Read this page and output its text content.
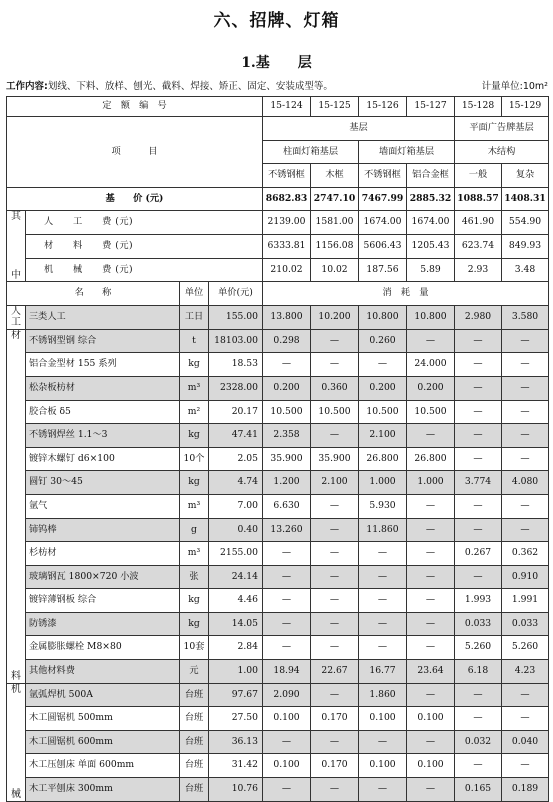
六、招牌、灯箱
1.基　　层
工作内容:划线、下料、放样、刨光、截料、焊接、矫正、固定、安装成型等。	计量单位:10m²
定　额　编　号				15-124	15-125	15-126	15-127	15-128	15-129
项　　　目				基层				平面广告牌基层	
				柱面灯箱基层		墙面灯箱基层		木结构	
				不锈钢框	木框	不锈钢框	铝合金框	一般	复杂
基　　价 (元)				8682.83	2747.10	7467.99	2885.32	1088.57	1408.31

其
中	人　　工　　费 (元)			2139.00	1581.00	1674.00	1674.00	461.90	554.90
	材　　料　　费 (元)			6333.81	1156.08	5606.43	1205.43	623.74	849.93
	机　　械　　费 (元)			210.02	10.02	187.56	5.89	2.93	3.48
名　　称		单位	单价(元)	消　耗　量					
人工	三类人工	工日	155.00	13.800	10.200	10.800	10.800	2.980	3.580

材
料	不锈钢型钢 综合	t	18103.00	0.298	—	0.260	—	—	—
	铝合金型材 155 系列	kg	18.53	—	—	—	24.000	—	—
	松杂板枋材	m³	2328.00	0.200	0.360	0.200	0.200	—	—
	胶合板 δ5	m²	20.17	10.500	10.500	10.500	10.500	—	—
	不锈钢焊丝 1.1～3	kg	47.41	2.358	—	2.100	—	—	—
	镀锌木螺钉 d6×100	10个	2.05	35.900	35.900	26.800	26.800	—	—
	圆钉 30～45	kg	4.74	1.200	2.100	1.000	1.000	3.774	4.080
	氩气	m³	7.00	6.630	—	5.930	—	—	—
	铈钨棒	g	0.40	13.260	—	11.860	—	—	—
	杉枋材	m³	2155.00	—	—	—	—	0.267	0.362
	玻璃钢瓦 1800×720 小波	张	24.14	—	—	—	—	—	0.910
	镀锌薄钢板 综合	kg	4.46	—	—	—	—	1.993	1.991
	防锈漆	kg	14.05	—	—	—	—	0.033	0.033
	金属膨胀螺栓 M8×80	10套	2.84	—	—	—	—	5.260	5.260
	其他材料费	元	1.00	18.94	22.67	16.77	23.64	6.18	4.23

机
械	氩弧焊机 500A	台班	97.67	2.090	—	1.860	—	—	—
	木工圆锯机 500mm	台班	27.50	0.100	0.170	0.100	0.100	—	—
	木工圆锯机 600mm	台班	36.13	—	—	—	—	0.032	0.040
	木工压刨床 单面 600mm	台班	31.42	0.100	0.170	0.100	0.100	—	—
	木工平刨床 300mm	台班	10.76	—	—	—	—	0.165	0.189
